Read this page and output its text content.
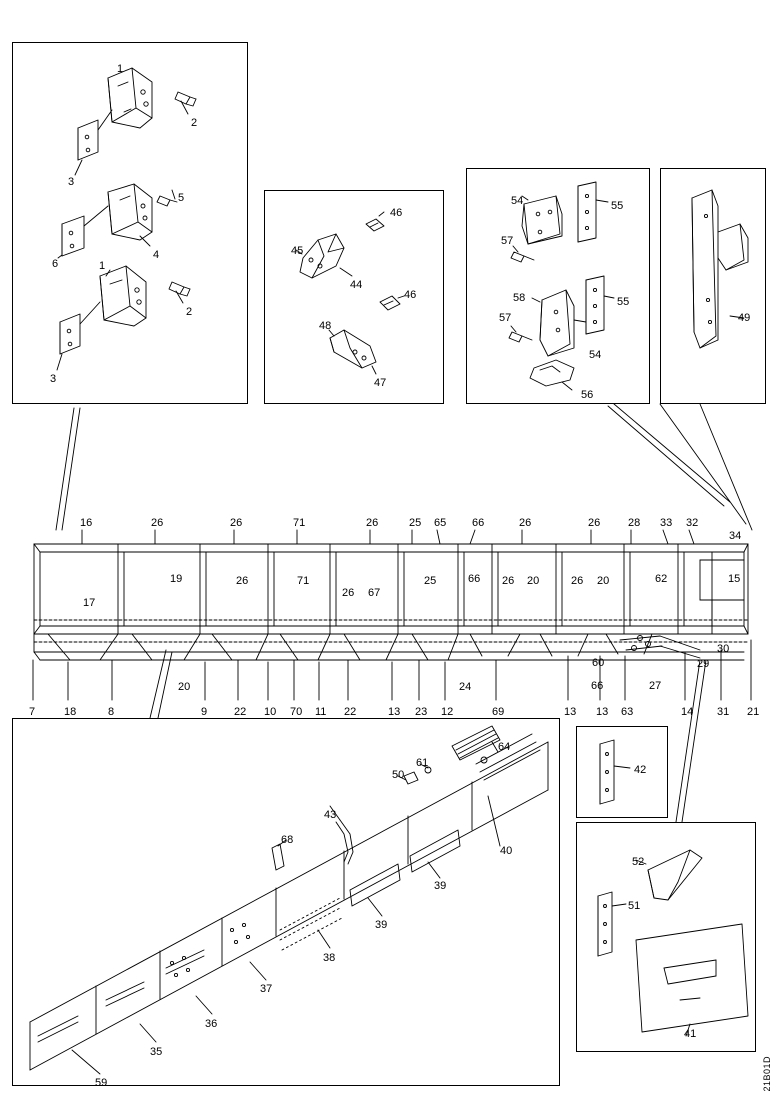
1
2
3
5
4
6	1
2
3
46
45
44
46
48
47
54	55
57
58	55
57
54
56
49
16	26	26	71	26	25 65 66	26	26	28 33 32
34
17
19	26	71
26 67
25	66 26 20	26 20	62	15
30
60	29
66	27
20	24
7	18	8	9 22 10 70 11 22	13 23 12	69	13 13 63	14 31 21
64
42
61
50
43
40
68
52
39
51
39
38
37
36
41
35
59	21B01D
